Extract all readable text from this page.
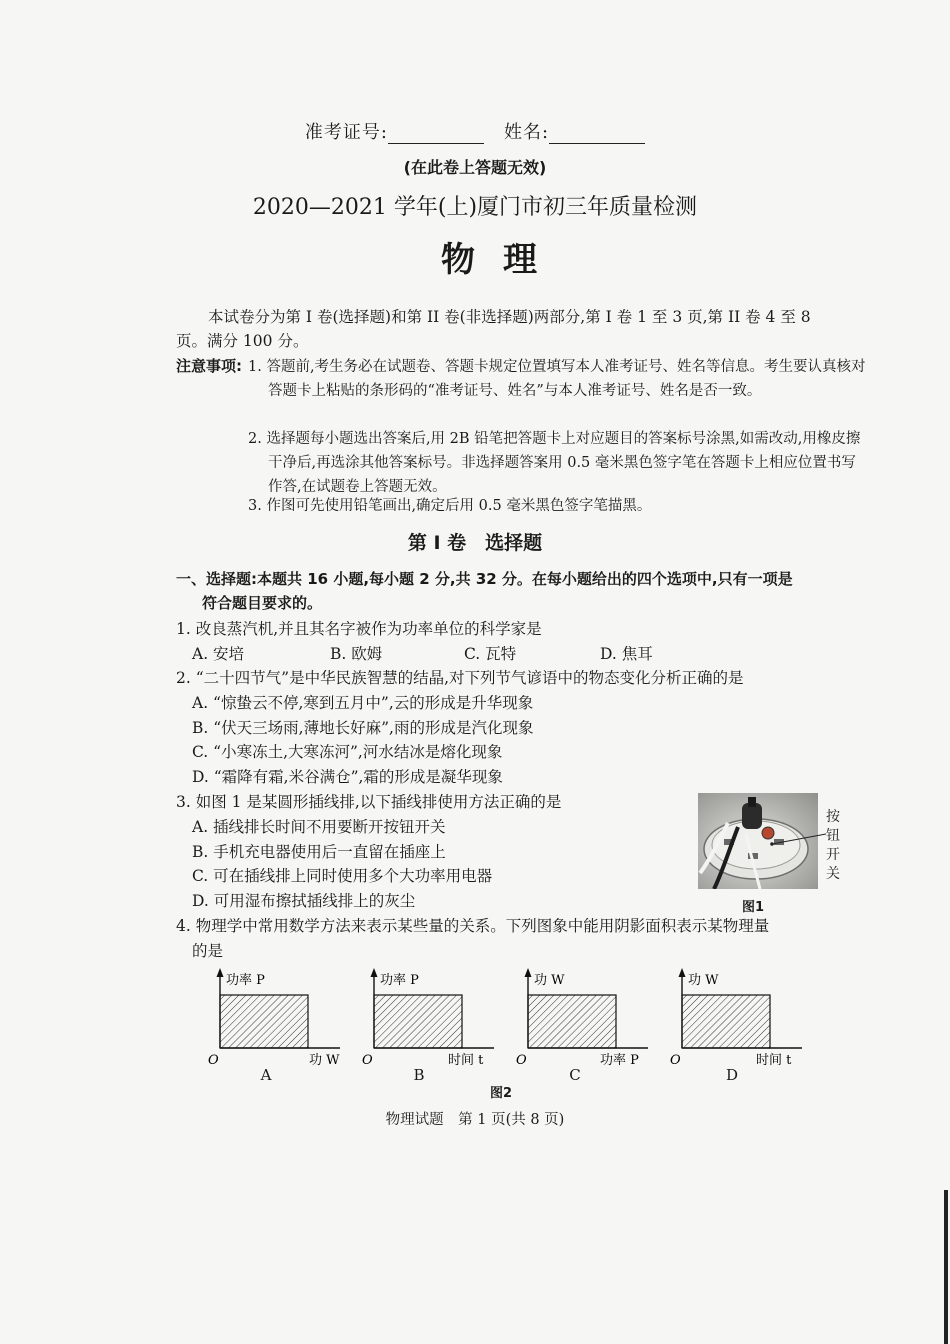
准考证号:	姓名:
(在此卷上答题无效)
2020—2021 学年(上)厦门市初三年质量检测
物理
本试卷分为第 I 卷(选择题)和第 II 卷(非选择题)两部分,第 I 卷 1 至 3 页,第 II 卷 4 至 8 页。满分 100 分。
注意事项: 1. 答题前,考生务必在试题卷、答题卡规定位置填写本人准考证号、姓名等信息。考生要认真核对答题卡上粘贴的条形码的“准考证号、姓名”与本人准考证号、姓名是否一致。
2. 选择题每小题选出答案后,用 2B 铅笔把答题卡上对应题目的答案标号涂黑,如需改动,用橡皮擦干净后,再选涂其他答案标号。非选择题答案用 0.5 毫米黑色签字笔在答题卡上相应位置书写作答,在试题卷上答题无效。
3. 作图可先使用铅笔画出,确定后用 0.5 毫米黑色签字笔描黑。
第 I 卷　选择题
一、选择题:本题共 16 小题,每小题 2 分,共 32 分。在每小题给出的四个选项中,只有一项是
符合题目要求的。
1. 改良蒸汽机,并且其名字被作为功率单位的科学家是
A. 安培	B. 欧姆	C. 瓦特	D. 焦耳
2. “二十四节气”是中华民族智慧的结晶,对下列节气谚语中的物态变化分析正确的是
A. “惊蛰云不停,寒到五月中”,云的形成是升华现象
B. “伏天三场雨,薄地长好麻”,雨的形成是汽化现象
C. “小寒冻土,大寒冻河”,河水结冰是熔化现象
D. “霜降有霜,米谷满仓”,霜的形成是凝华现象
3. 如图 1 是某圆形插线排,以下插线排使用方法正确的是
A. 插线排长时间不用要断开按钮开关
B. 手机充电器使用后一直留在插座上
C. 可在插线排上同时使用多个大功率用电器
D. 可用湿布擦拭插线排上的灰尘
按钮开关
图1
4. 物理学中常用数学方法来表示某些量的关系。下列图象中能用阴影面积表示某物理量
的是
功率 P
O	功 W
功率 P
O	时间 t
功 W
O	功率 P
功 W
O	时间 t
A	B	C	D
图2
物理试题　第 1 页(共 8 页)
